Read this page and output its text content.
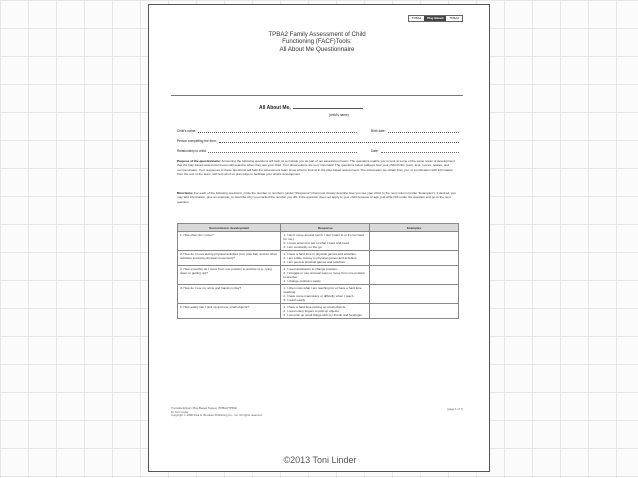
TPBA2	Play-Based	TPBA2
TPBA2 Family Assessment of Child
Functioning (FACF)Tools:
All About Me Questionnaire
All About Me,
(child's name)
Child's name:	Birth date:
Person completing the form:
Relationship to child:	Date:
Purpose of the questionnaire: Answering the following questions will help us to include you as part of our assessment team. The questions enable you to look at some of the same areas of development that the play-based assessment team will examine when they see your child. Your observations are very important! The questions below address how your child thinks, feels, acts, moves, relates, and communicates. Your responses to these questions will help the assessment team know what to look at in the play-based assessment. The information we obtain from you, in combination with information from the rest of the team, will help all of us plan ways to facilitate your child's development.
Directions: For each of the following questions, circle the number or numbers (under "Response") that most closely describe how you see your child. In the next column (under "Examples"), if desired, you may add information, give an example, or describe why you marked the number you did. If the question does not apply to your child because of age, just write N/A under the question and go to the next question.
Sensorimotor development	Response	Examples
1. How often do I move?	1. I don't move around much. I don't want to or it's too hard for me.)
2. I move around to get to what I want and need.
3. I am constantly on the go.	

2. How do I move during physical activities (run, play ball, and do other activities involving physical movement)?	1. I have a hard time in physical games and activities.
2. I am a little clumsy in physical games and activities.
3. I am good at physical games and activities.	

3. How smoothly do I move from one position to another (e.g., lying down to getting up)?	1. I need assistance to change position.
2. I struggle or use unusual ways to move from one position to another.
3. I change positions easily.	

4. How do I use my arms and hands in play?	1. I often miss what I am reaching for or have a hard time reaching.
2. I have some inaccuracy or difficulty when I reach.
3. I reach easily.	

5. How easily can I pick up and use small objects?	1. I have a hard time picking up small objects.
2. I need many fingers to pick up objects.
3. I can pick up small things with my thumb and forefinger.	

Transdisciplinary Play-Based System (TPBA2/TPBI2)
by Toni Linder.
Copyright © 2008 Paul H. Brookes Publishing Co., Inc. All rights reserved.
(page 1 of 7)
©2013 Toni Linder
